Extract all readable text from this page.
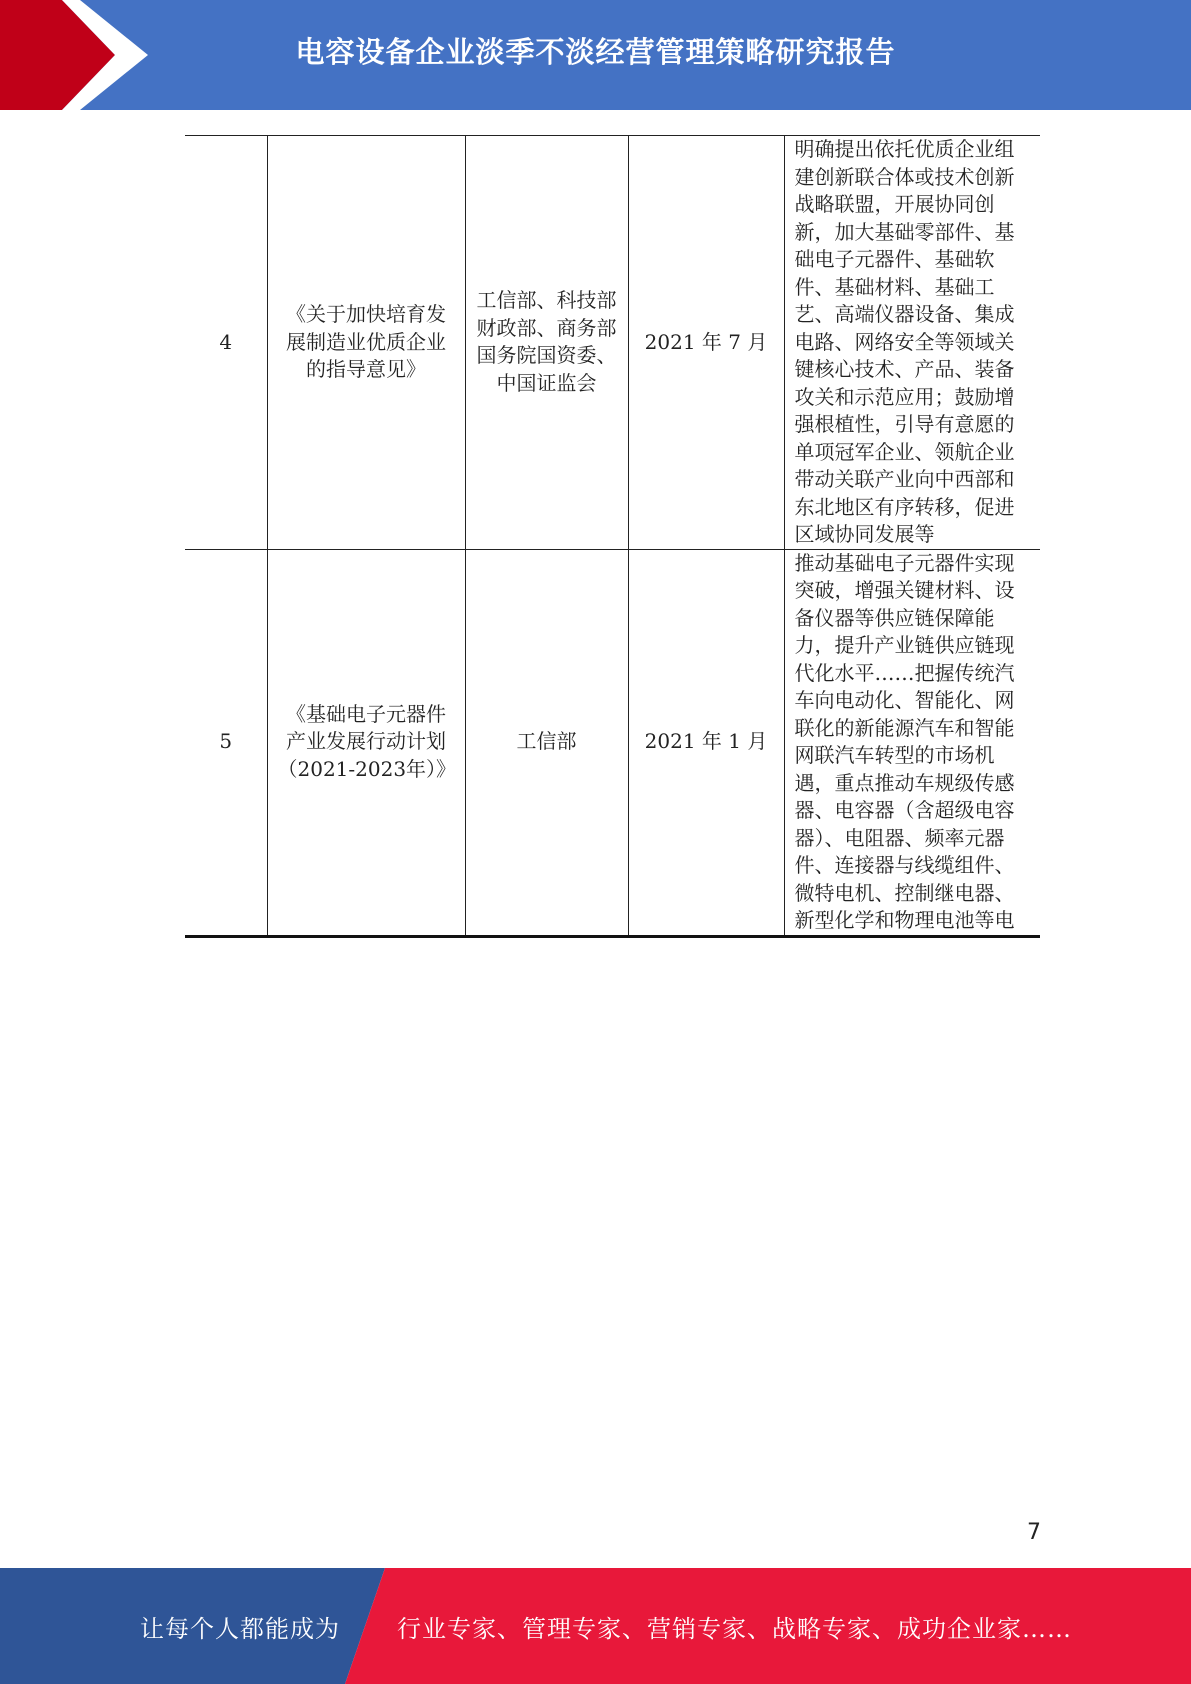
电容设备企业淡季不淡经营管理策略研究报告
4	《关于加快培育发展制造业优质企业的指导意见》	工信部、科技部财政部、商务部国务院国资委、中国证监会	2021 年 7 月	明确提出依托优质企业组建创新联合体或技术创新战略联盟，开展协同创新，加大基础零部件、基础电子元器件、基础软件、基础材料、基础工艺、高端仪器设备、集成电路、网络安全等领域关键核心技术、产品、装备攻关和示范应用；鼓励增强根植性，引导有意愿的单项冠军企业、领航企业带动关联产业向中西部和东北地区有序转移，促进区域协同发展等
5	《基础电子元器件产业发展行动计划（2021-2023年）》	工信部	2021 年 1 月	推动基础电子元器件实现突破，增强关键材料、设备仪器等供应链保障能力，提升产业链供应链现代化水平……把握传统汽车向电动化、智能化、网联化的新能源汽车和智能网联汽车转型的市场机遇，重点推动车规级传感器、电容器（含超级电容器）、电阻器、频率元器件、连接器与线缆组件、微特电机、控制继电器、新型化学和物理电池等电
7
让每个人都能成为 行业专家、管理专家、营销专家、战略专家、成功企业家……
